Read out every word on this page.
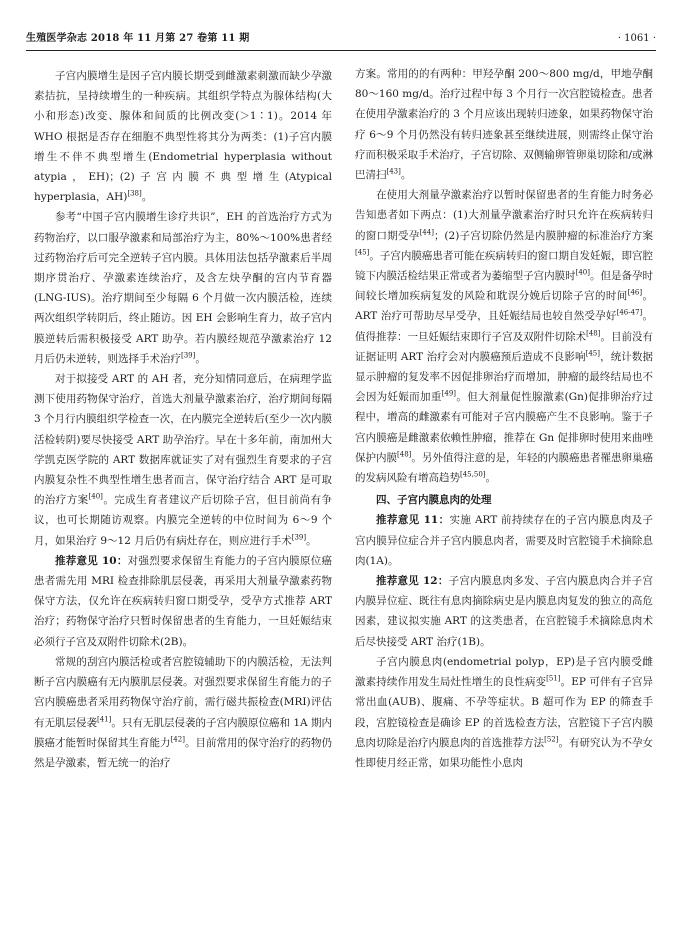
生殖医学杂志 2018 年 11 月第 27 卷第 11 期	· 1061 ·

子宫内膜增生是因子宫内膜长期受到雌激素刺激而缺少孕激素拮抗，呈持续增生的一种疾病。其组织学特点为腺体结构(大小和形态)改变、腺体和间质的比例改变(＞1∶1)。2014 年 WHO 根据是否存在细胞不典型性将其分为两类：(1)子宫内膜增生不伴不典型增生(Endometrial hyperplasia without atypia，EH)；(2)子宫内膜不典型增生(Atypical hyperplasia，AH)[38]。

参考“中国子宫内膜增生诊疗共识”，EH 的首选治疗方式为药物治疗，以口服孕激素和局部治疗为主，80%～100%患者经过药物治疗后可完全逆转子宫内膜。具体用法包括孕激素后半周期序贯治疗、孕激素连续治疗，及含左炔孕酮的宫内节育器(LNG-IUS)。治疗期间至少每隔 6 个月做一次内膜活检，连续两次组织学转阴后，终止随访。因 EH 会影响生育力，故子宫内膜逆转后需积极接受 ART 助孕。若内膜经规范孕激素治疗 12 月后仍未逆转，则选择手术治疗[39]。

对于拟接受 ART 的 AH 者，充分知情同意后，在病理学监测下使用药物保守治疗，首选大剂量孕激素治疗，治疗期间每隔 3 个月行内膜组织学检查一次，在内膜完全逆转后(至少一次内膜活检转阴)要尽快接受 ART 助孕治疗。早在十多年前，南加州大学凯克医学院的 ART 数据库就证实了对有强烈生育要求的子宫内膜复杂性不典型性增生患者而言，保守治疗结合 ART 是可取的治疗方案[40]。完成生育者建议产后切除子宫，但目前尚有争议，也可长期随访观察。内膜完全逆转的中位时间为 6～9 个月，如果治疗 9～12 月后仍有病灶存在，则应进行手术[39]。

推荐意见 10：对强烈要求保留生育能力的子宫内膜原位癌患者需先用 MRI 检查排除肌层侵袭，再采用大剂量孕激素药物保守方法，仅允许在疾病转归窗口期受孕，受孕方式推荐 ART 治疗；药物保守治疗只暂时保留患者的生育能力，一旦妊娠结束必须行子宫及双附件切除术(2B)。

常规的刮宫内膜活检或者宫腔镜辅助下的内膜活检，无法判断子宫内膜癌有无内膜肌层侵袭。对强烈要求保留生育能力的子宫内膜癌患者采用药物保守治疗前，需行磁共振检查(MRI)评估有无肌层侵袭[41]。只有无肌层侵袭的子宫内膜原位癌和 1A 期内膜癌才能暂时保留其生育能力[42]。目前常用的保守治疗的药物仍然是孕激素，暂无统一的治疗

方案。常用的的有两种：甲羟孕酮 200～800 mg/d，甲地孕酮 80～160 mg/d。治疗过程中每 3 个月行一次宫腔镜检查。患者在使用孕激素治疗的 3 个月应该出现转归迹象，如果药物保守治疗 6～9 个月仍然没有转归迹象甚至继续进展，则需终止保守治疗而积极采取手术治疗，子宫切除、双侧输卵管卵巢切除和/或淋巴清扫[43]。

在使用大剂量孕激素治疗以暂时保留患者的生育能力时务必告知患者如下两点：(1)大剂量孕激素治疗时只允许在疾病转归的窗口期受孕[44]；(2)子宫切除仍然是内膜肿瘤的标准治疗方案[45]。子宫内膜癌患者可能在疾病转归的窗口期自发妊娠，即宫腔镜下内膜活检结果正常或者为萎缩型子宫内膜时[40]。但是备孕时间较长增加疾病复发的风险和耽误分娩后切除子宫的时间[46]。ART 治疗可帮助尽早受孕，且妊娠结局也较自然受孕好[46-47]。值得推荐：一旦妊娠结束即行子宫及双附件切除术[48]。目前没有证据证明 ART 治疗会对内膜癌预后造成不良影响[45]，统计数据显示肿瘤的复发率不因促排卵治疗而增加，肿瘤的最终结局也不会因为妊娠而加重[49]。但大剂量促性腺激素(Gn)促排卵治疗过程中，增高的雌激素有可能对子宫内膜癌产生不良影响。鉴于子宫内膜癌是雌激素依赖性肿瘤，推荐在 Gn 促排卵时使用来曲唑保护内膜[48]。另外值得注意的是，年轻的内膜癌患者罹患卵巢癌的发病风险有增高趋势[45,50]。

四、子宫内膜息肉的处理

推荐意见 11：实施 ART 前持续存在的子宫内膜息肉及子宫内膜异位症合并子宫内膜息肉者，需要及时宫腔镜手术摘除息肉(1A)。

推荐意见 12：子宫内膜息肉多发、子宫内膜息肉合并子宫内膜异位症、既往有息肉摘除病史是内膜息肉复发的独立的高危因素，建议拟实施 ART 的这类患者，在宫腔镜手术摘除息肉术后尽快接受 ART 治疗(1B)。

子宫内膜息肉(endometrial polyp，EP)是子宫内膜受雌激素持续作用发生局灶性增生的良性病变[51]。EP 可伴有子宫异常出血(AUB)、腹痛、不孕等症状。B 超可作为 EP 的筛查手段，宫腔镜检查是确诊 EP 的首选检查方法，宫腔镜下子宫内膜息肉切除是治疗内膜息肉的首选推荐方法[52]。有研究认为不孕女性即使月经正常，如果功能性小息肉
